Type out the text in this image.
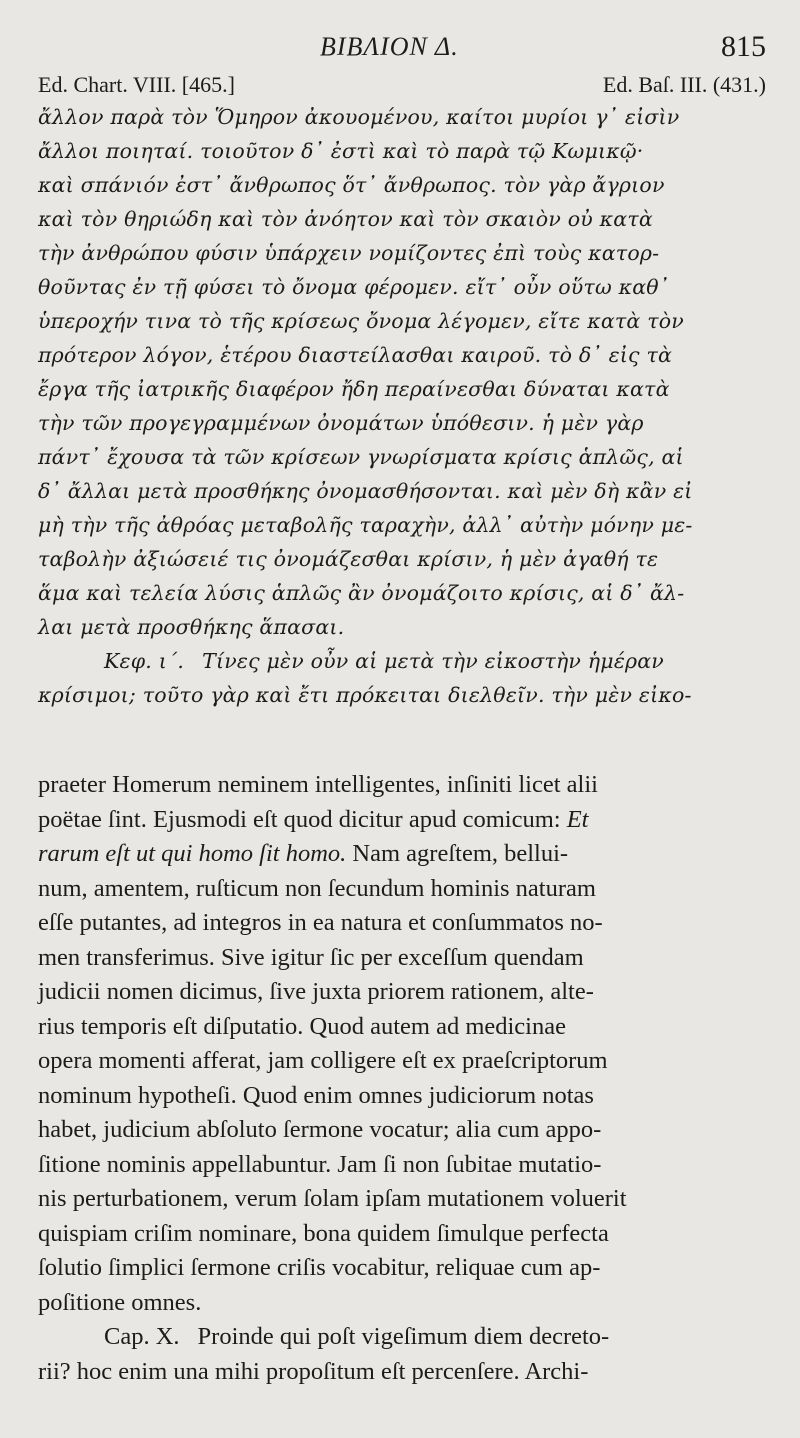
ΒΙΒΛΙΟΝ Δ.	815
Ed. Chart. VIII. [465.]	Ed. Baſ. III. (431.)
ἄλλον παρὰ τὸν Ὅμηρον ἀκουομένου, καίτοι μυρίοι γ᾽ εἰσὶν
ἄλλοι ποιηταί. τοιοῦτον δ᾽ ἐστὶ καὶ τὸ παρὰ τῷ Κωμικῷ·
καὶ σπάνιόν ἐστ᾽ ἄνθρωπος ὅτ᾽ ἄνθρωπος. τὸν γὰρ ἄγριον
καὶ τὸν θηριώδη καὶ τὸν ἀνόητον καὶ τὸν σκαιὸν οὐ κατὰ
τὴν ἀνθρώπου φύσιν ὑπάρχειν νομίζοντες ἐπὶ τοὺς κατορ-
θοῦντας ἐν τῇ φύσει τὸ ὄνομα φέρομεν. εἴτ᾽ οὖν οὕτω καθ᾽
ὑπεροχήν τινα τὸ τῆς κρίσεως ὄνομα λέγομεν, εἴτε κατὰ τὸν
πρότερον λόγον, ἑτέρου διαστείλασθαι καιροῦ. τὸ δ᾽ εἰς τὰ
ἔργα τῆς ἰατρικῆς διαφέρον ἤδη περαίνεσθαι δύναται κατὰ
τὴν τῶν προγεγραμμένων ὀνομάτων ὑπόθεσιν. ἡ μὲν γὰρ
πάντ᾽ ἔχουσα τὰ τῶν κρίσεων γνωρίσματα κρίσις ἁπλῶς, αἱ
δ᾽ ἄλλαι μετὰ προσθήκης ὀνομασθήσονται. καὶ μὲν δὴ κἂν εἰ
μὴ τὴν τῆς ἀθρόας μεταβολῆς ταραχὴν, ἀλλ᾽ αὐτὴν μόνην με-
ταβολὴν ἀξιώσειέ τις ὀνομάζεσθαι κρίσιν, ἡ μὲν ἀγαθή τε
ἅμα καὶ τελεία λύσις ἁπλῶς ἂν ὀνομάζοιτο κρίσις, αἱ δ᾽ ἄλ-
λαι μετὰ προσθήκης ἅπασαι.
Κεφ. ι΄. Τίνες μὲν οὖν αἱ μετὰ τὴν εἰκοστὴν ἡμέραν
κρίσιμοι; τοῦτο γὰρ καὶ ἔτι πρόκειται διελθεῖν. τὴν μὲν εἰκο-
praeter Homerum neminem intelligentes, inſiniti licet alii
poëtae ſint. Ejusmodi eſt quod dicitur apud comicum: Et
rarum eſt ut qui homo ſit homo. Nam agreſtem, bellui-
num, amentem, ruſticum non ſecundum hominis naturam
eſſe putantes, ad integros in ea natura et conſummatos no-
men transferimus. Sive igitur ſic per exceſſum quendam
judicii nomen dicimus, ſive juxta priorem rationem, alte-
rius temporis eſt diſputatio. Quod autem ad medicinae
opera momenti afferat, jam colligere eſt ex praeſcriptorum
nominum hypotheſi. Quod enim omnes judiciorum notas
habet, judicium abſoluto ſermone vocatur; alia cum appo-
ſitione nominis appellabuntur. Jam ſi non ſubitae mutatio-
nis perturbationem, verum ſolam ipſam mutationem voluerit
quispiam criſim nominare, bona quidem ſimulque perfecta
ſolutio ſimplici ſermone criſis vocabitur, reliquae cum ap-
poſitione omnes.
Cap. X. Proinde qui poſt vigeſimum diem decreto-
rii? hoc enim una mihi propoſitum eſt percenſere. Archi-
